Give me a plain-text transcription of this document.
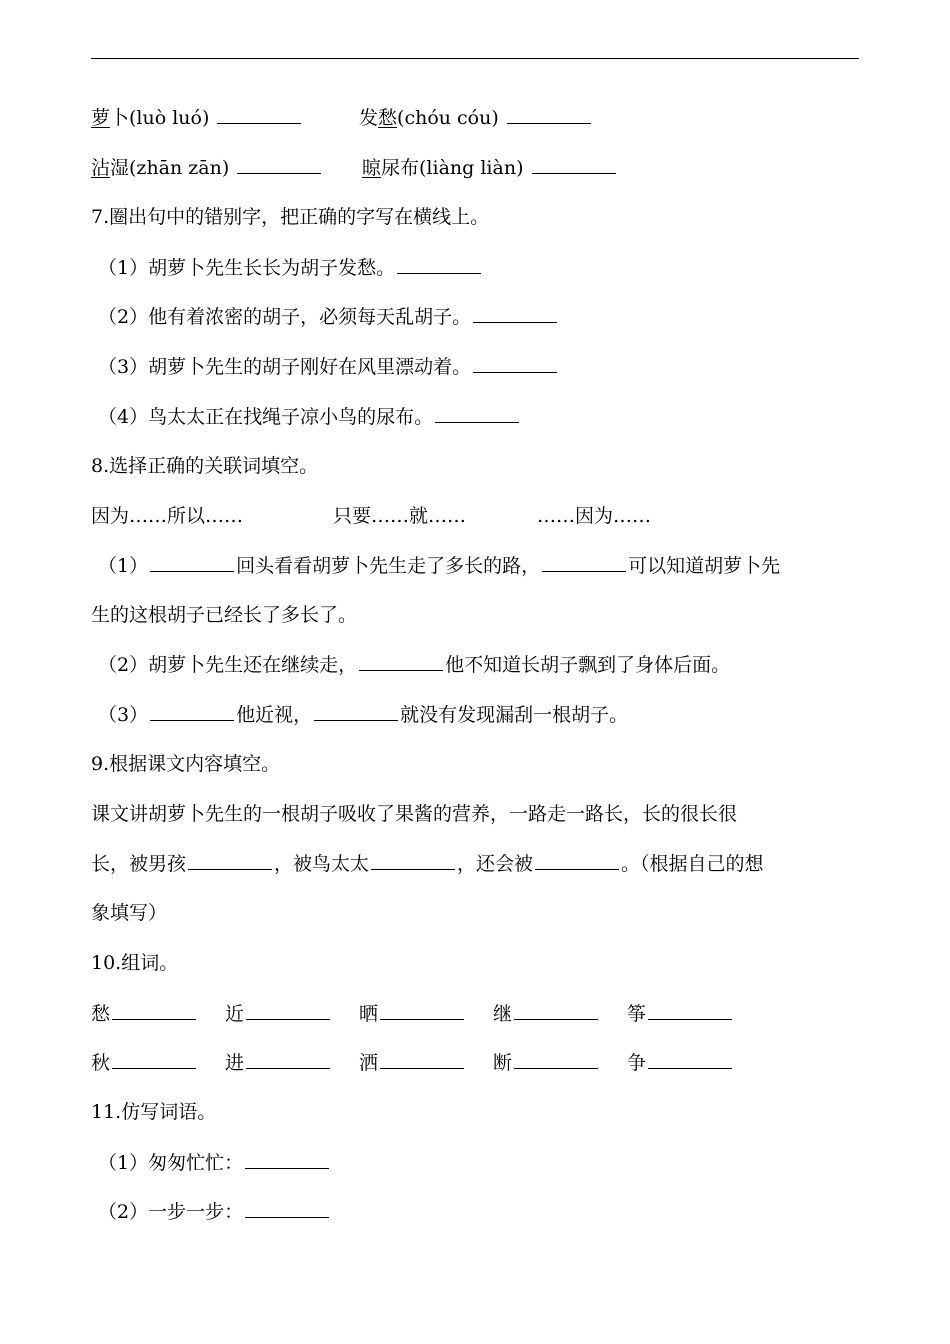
萝卜(luò luó)	发愁(chóu cóu)
沾湿(zhān zān)	晾尿布(liàng liàn)
7.圈出句中的错别字，把正确的字写在横线上。
（1）胡萝卜先生长长为胡子发愁。
（2）他有着浓密的胡子，必须每天乱胡子。
（3）胡萝卜先生的胡子刚好在风里漂动着。
（4）鸟太太正在找绳子凉小鸟的尿布。
8.选择正确的关联词填空。
因为……所以……	只要……就……	……因为……
（1）	回头看看胡萝卜先生走了多长的路，	可以知道胡萝卜先
生的这根胡子已经长了多长了。
（2）胡萝卜先生还在继续走，	他不知道长胡子飘到了身体后面。
（3）	他近视，	就没有发现漏刮一根胡子。
9.根据课文内容填空。
课文讲胡萝卜先生的一根胡子吸收了果酱的营养，一路走一路长，长的很长很
长，被男孩	，被鸟太太	，还会被	。（根据自己的想
象填写）
10.组词。
愁	近	晒	继	筝
秋	进	洒	断	争
11.仿写词语。
（1）匆匆忙忙：
（2）一步一步：
